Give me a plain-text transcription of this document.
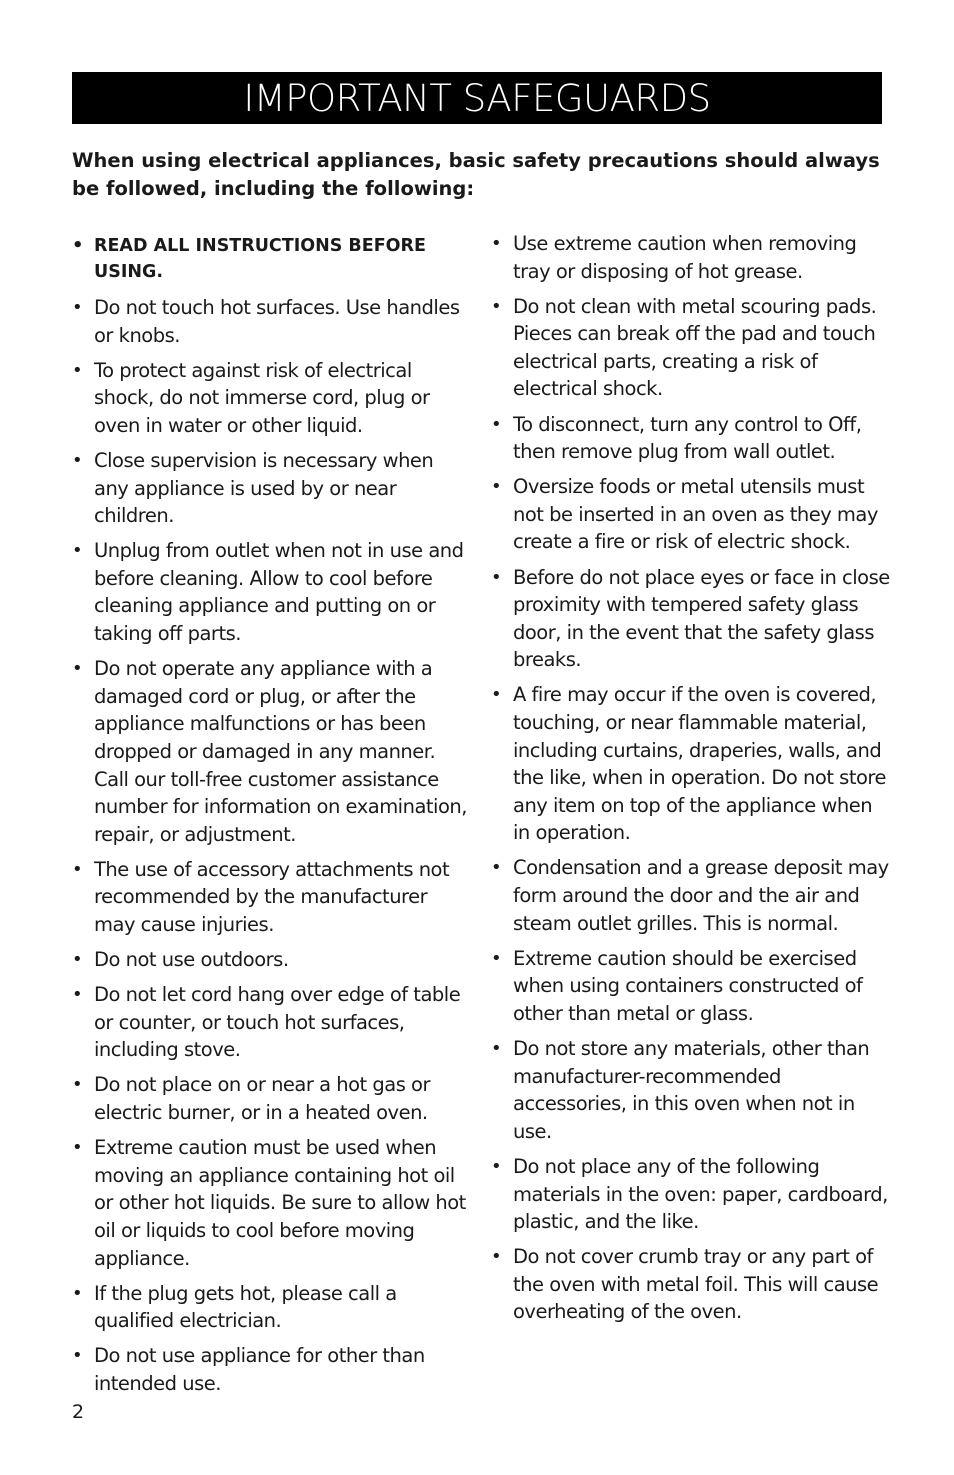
IMPORTANT SAFEGUARDS

When using electrical appliances, basic safety precautions should always be followed, including the following:

• READ ALL INSTRUCTIONS BEFORE USING.
• Do not touch hot surfaces. Use handles or knobs.
• To protect against risk of electrical shock, do not immerse cord, plug or oven in water or other liquid.
• Close supervision is necessary when any appliance is used by or near children.
• Unplug from outlet when not in use and before cleaning. Allow to cool before cleaning appliance and putting on or taking off parts.
• Do not operate any appliance with a damaged cord or plug, or after the appliance malfunctions or has been dropped or damaged in any manner. Call our toll-free customer assistance number for information on examination, repair, or adjustment.
• The use of accessory attachments not recommended by the manufacturer may cause injuries.
• Do not use outdoors.
• Do not let cord hang over edge of table or counter, or touch hot surfaces, including stove.
• Do not place on or near a hot gas or electric burner, or in a heated oven.
• Extreme caution must be used when moving an appliance containing hot oil or other hot liquids. Be sure to allow hot oil or liquids to cool before moving appliance.
• If the plug gets hot, please call a qualified electrician.
• Do not use appliance for other than intended use.
• Use extreme caution when removing tray or disposing of hot grease.
• Do not clean with metal scouring pads. Pieces can break off the pad and touch electrical parts, creating a risk of electrical shock.
• To disconnect, turn any control to Off, then remove plug from wall outlet.
• Oversize foods or metal utensils must not be inserted in an oven as they may create a fire or risk of electric shock.
• Before do not place eyes or face in close proximity with tempered safety glass door, in the event that the safety glass breaks.
• A fire may occur if the oven is covered, touching, or near flammable material, including curtains, draperies, walls, and the like, when in operation. Do not store any item on top of the appliance when in operation.
• Condensation and a grease deposit may form around the door and the air and steam outlet grilles. This is normal.
• Extreme caution should be exercised when using containers constructed of other than metal or glass.
• Do not store any materials, other than manufacturer-recommended accessories, in this oven when not in use.
• Do not place any of the following materials in the oven: paper, cardboard, plastic, and the like.
• Do not cover crumb tray or any part of the oven with metal foil. This will cause overheating of the oven.
2
